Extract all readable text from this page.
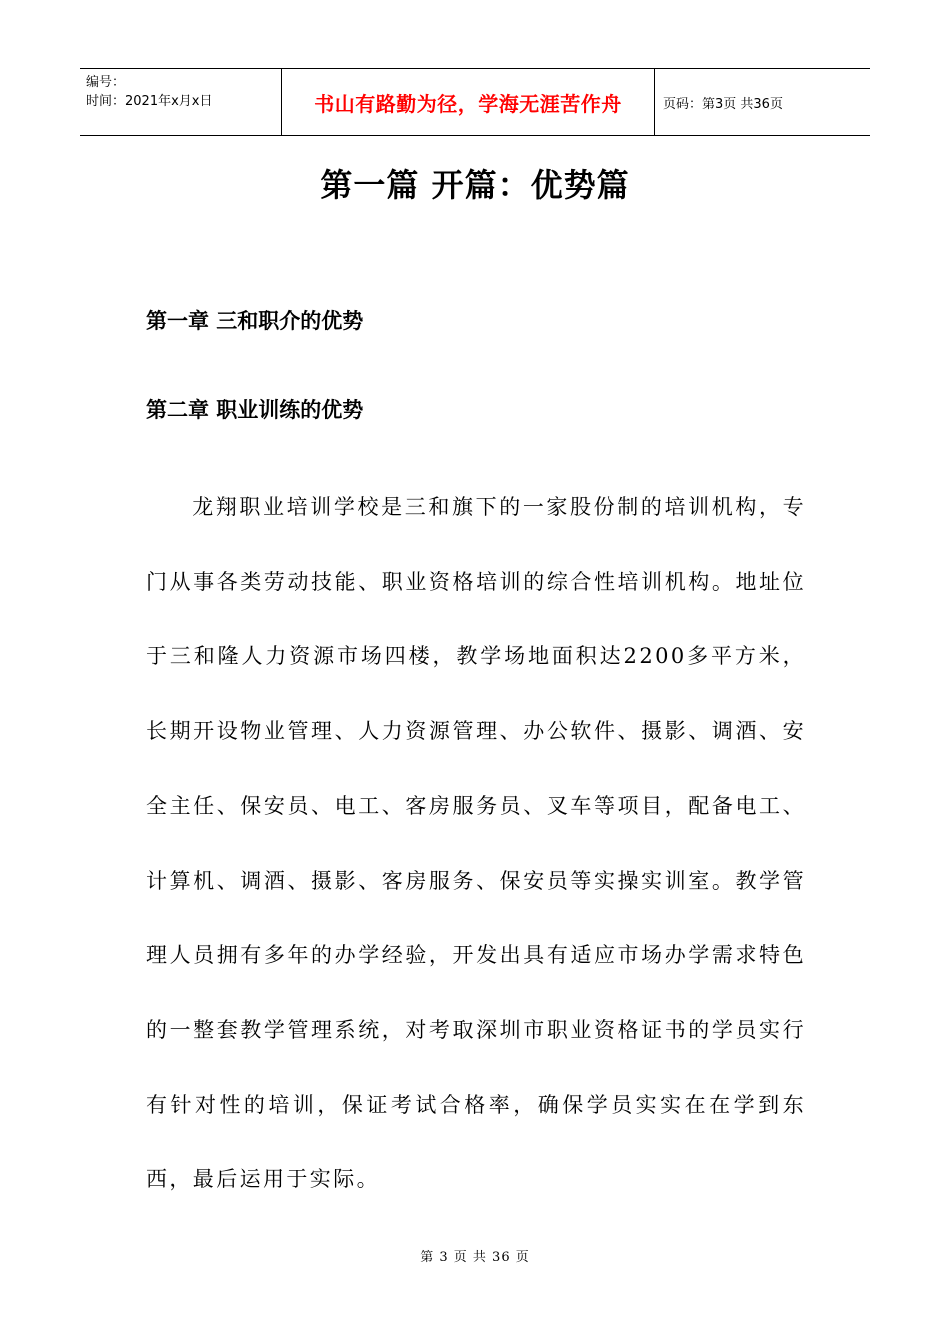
编号：
时间：2021年x月x日	书山有路勤为径，学海无涯苦作舟	页码：第3页 共36页
第一篇 开篇：优势篇
第一章 三和职介的优势
第二章 职业训练的优势

龙翔职业培训学校是三和旗下的一家股份制的培训机构，专门从事各类劳动技能、职业资格培训的综合性培训机构。地址位于三和隆人力资源市场四楼，教学场地面积达2200多平方米，长期开设物业管理、人力资源管理、办公软件、摄影、调酒、安全主任、保安员、电工、客房服务员、叉车等项目，配备电工、计算机、调酒、摄影、客房服务、保安员等实操实训室。教学管理人员拥有多年的办学经验，开发出具有适应市场办学需求特色的一整套教学管理系统，对考取深圳市职业资格证书的学员实行有针对性的培训，保证考试合格率，确保学员实实在在学到东西，最后运用于实际。

第 3 页 共 36 页
